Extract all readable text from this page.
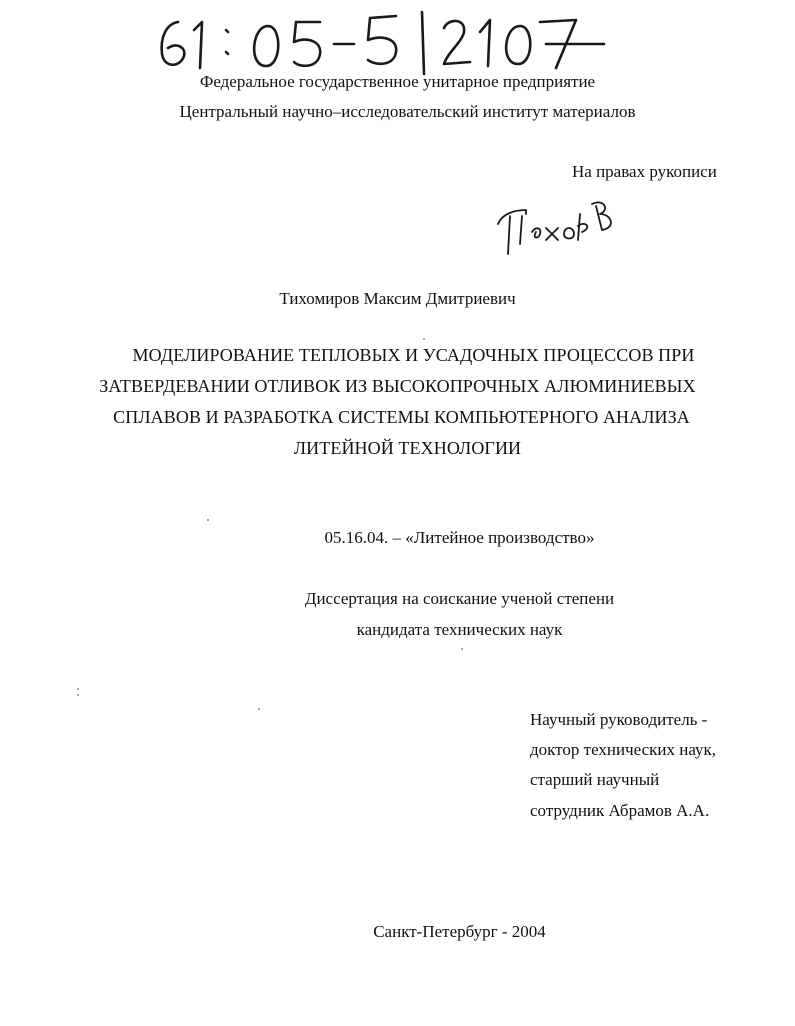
Федеральное государственное унитарное предприятие
Центральный научно–исследовательский институт материалов
На правах рукописи
Тихомиров Максим Дмитриевич
МОДЕЛИРОВАНИЕ ТЕПЛОВЫХ И УСАДОЧНЫХ ПРОЦЕССОВ ПРИ
ЗАТВЕРДЕВАНИИ ОТЛИВОК ИЗ ВЫСОКОПРОЧНЫХ АЛЮМИНИЕВЫХ
СПЛАВОВ И РАЗРАБОТКА СИСТЕМЫ КОМПЬЮТЕРНОГО АНАЛИЗА
ЛИТЕЙНОЙ ТЕХНОЛОГИИ
05.16.04. – «Литейное производство»
Диссертация на соискание ученой степени
кандидата технических наук
Научный руководитель -
доктор технических наук,
старший научный
сотрудник Абрамов А.А.
Санкт-Петербург - 2004
